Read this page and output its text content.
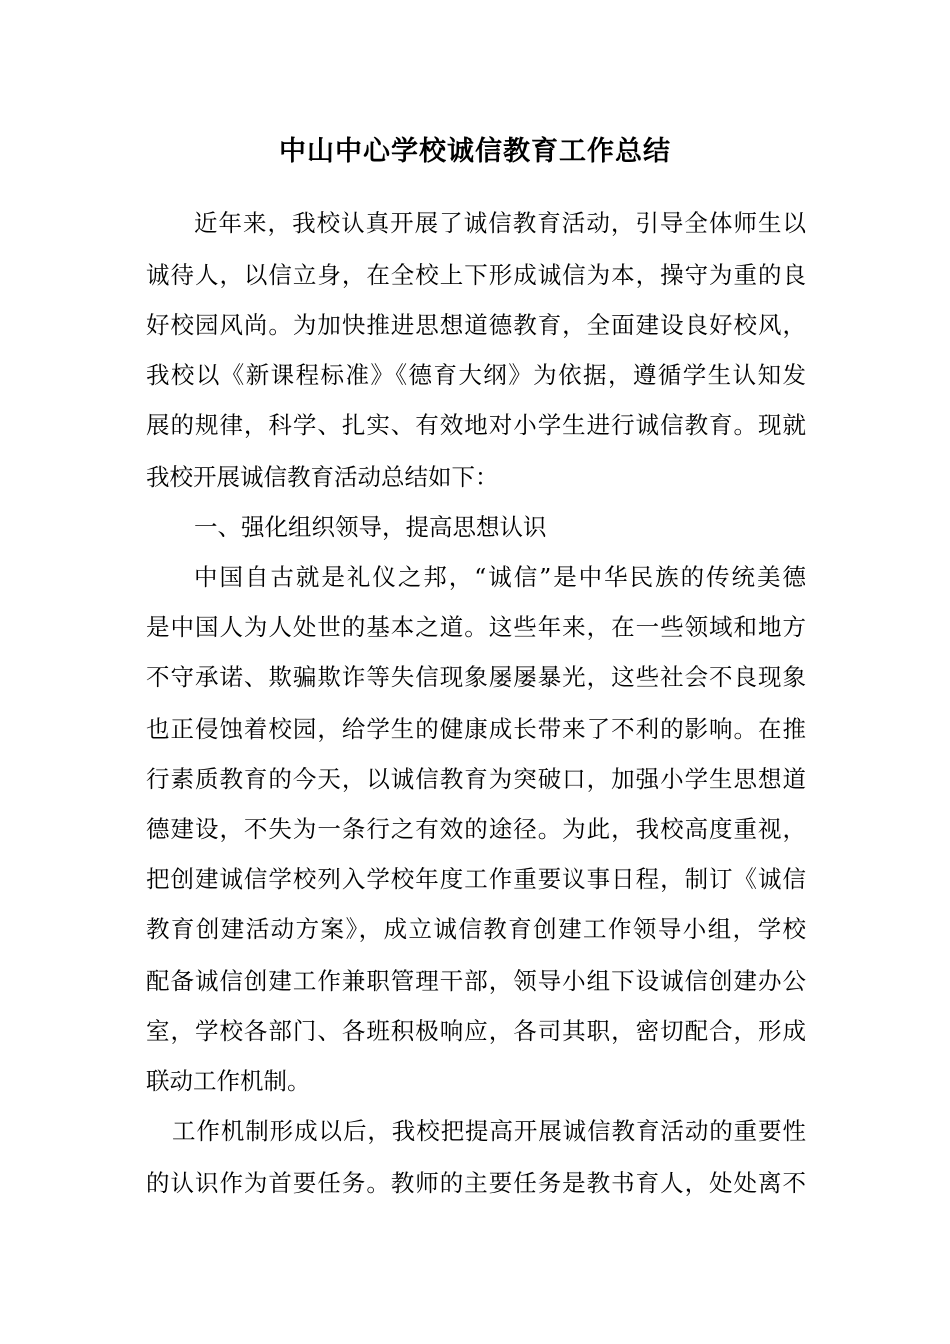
中山中心学校诚信教育工作总结
近年来，我校认真开展了诚信教育活动，引导全体师生以
诚待人，以信立身，在全校上下形成诚信为本，操守为重的良
好校园风尚。为加快推进思想道德教育，全面建设良好校风，
我校以《新课程标准》《德育大纲》为依据，遵循学生认知发
展的规律，科学、扎实、有效地对小学生进行诚信教育。现就
我校开展诚信教育活动总结如下：
一、强化组织领导，提高思想认识
中国自古就是礼仪之邦，“诚信”是中华民族的传统美德
是中国人为人处世的基本之道。这些年来，在一些领域和地方
不守承诺、欺骗欺诈等失信现象屡屡暴光，这些社会不良现象
也正侵蚀着校园，给学生的健康成长带来了不利的影响。在推
行素质教育的今天，以诚信教育为突破口，加强小学生思想道
德建设，不失为一条行之有效的途径。为此，我校高度重视，
把创建诚信学校列入学校年度工作重要议事日程，制订《诚信
教育创建活动方案》，成立诚信教育创建工作领导小组，学校
配备诚信创建工作兼职管理干部，领导小组下设诚信创建办公
室，学校各部门、各班积极响应，各司其职，密切配合，形成
联动工作机制。
工作机制形成以后，我校把提高开展诚信教育活动的重要性
的认识作为首要任务。教师的主要任务是教书育人，处处离不
